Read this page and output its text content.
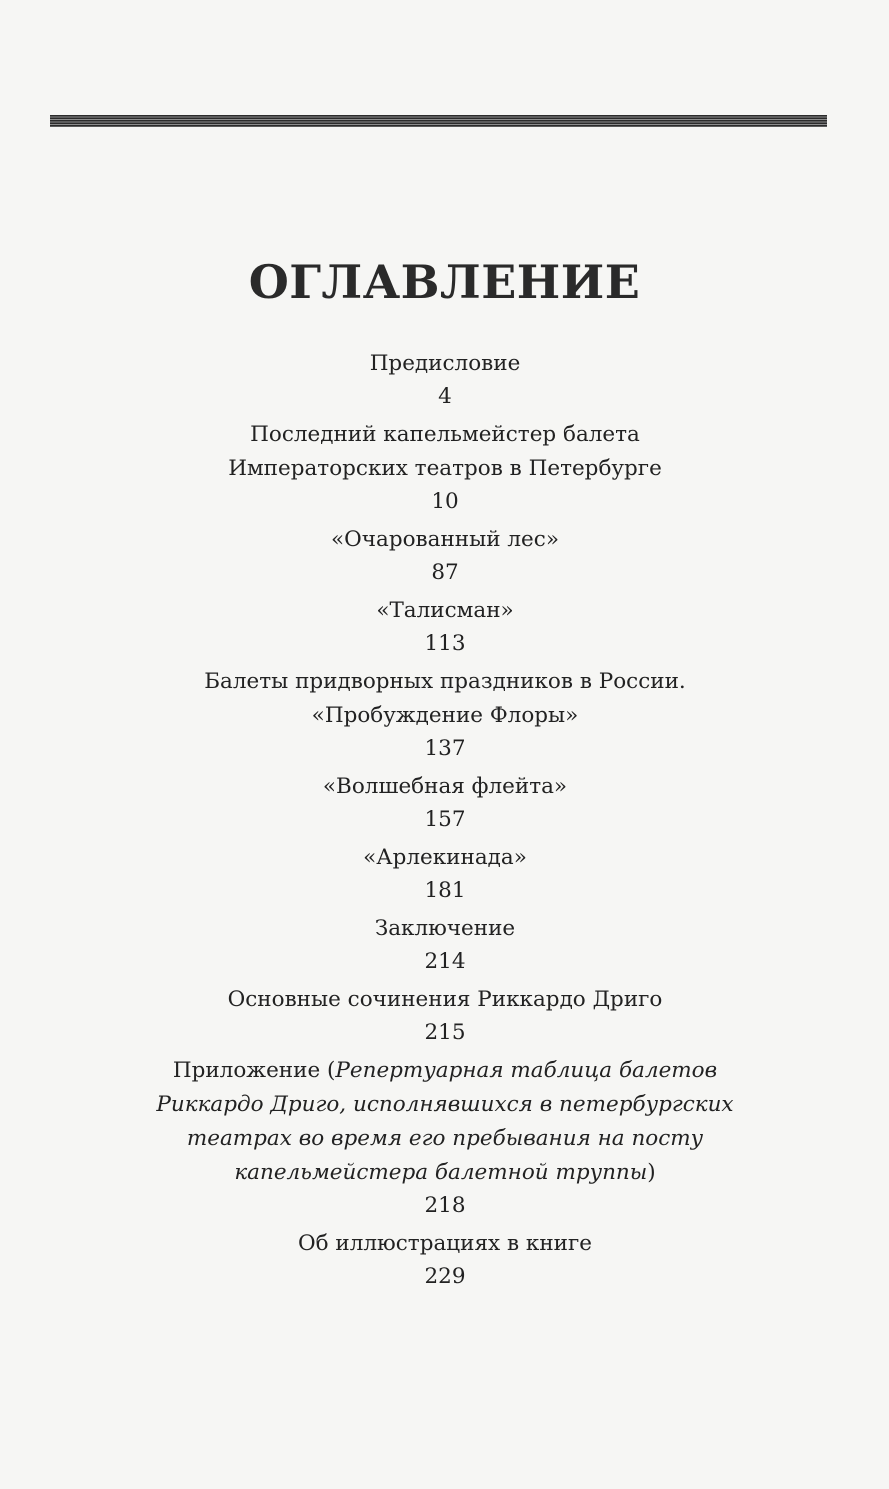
ОГЛАВЛЕНИЕ
Предисловие
4
Последний капельмейстер балета
Императорских театров в Петербурге
10
«Очарованный лес»
87
«Талисман»
113
Балеты придворных праздников в России.
«Пробуждение Флоры»
137
«Волшебная флейта»
157
«Арлекинада»
181
Заключение
214
Основные сочинения Риккардо Дриго
215
Приложение (Репертуарная таблица балетов
Риккардо Дриго, исполнявшихся в петербургских
театрах во время его пребывания на посту
капельмейстера балетной труппы)
218
Об иллюстрациях в книге
229
